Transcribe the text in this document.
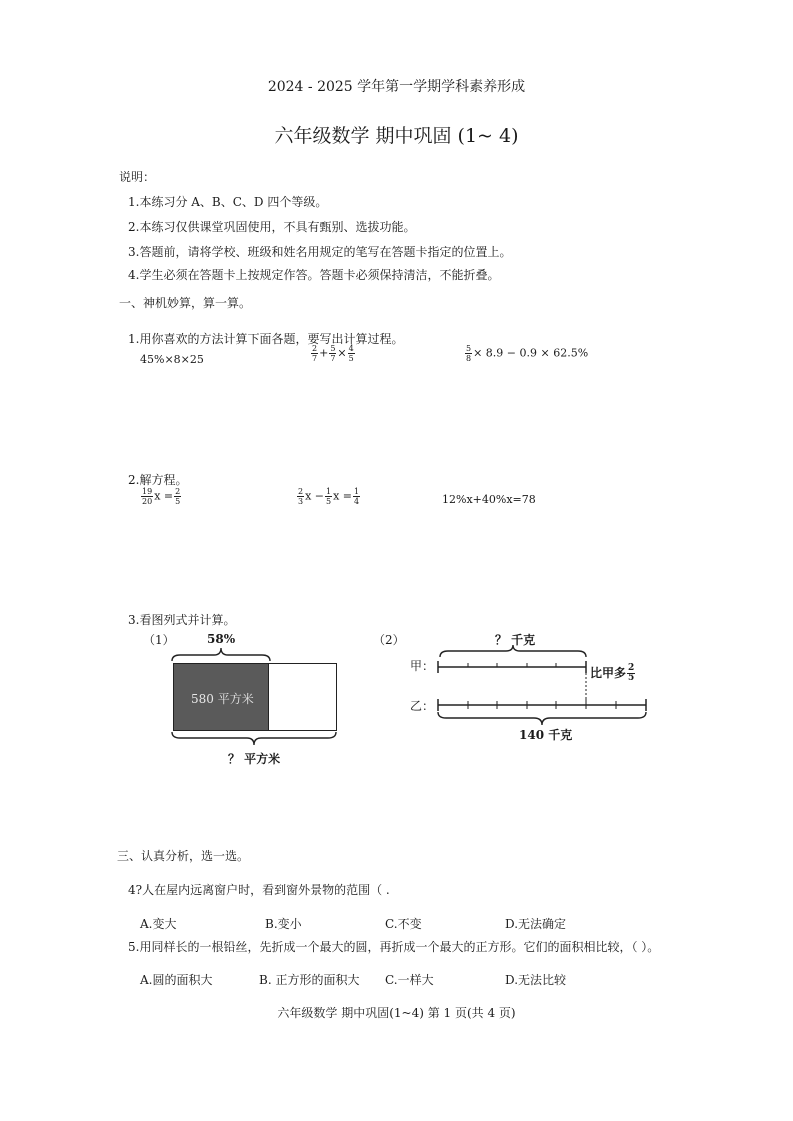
2024 - 2025 学年第一学期学科素养形成
六年级数学 期中巩固 (1~ 4)
说明：
1.本练习分 A、B、C、D 四个等级。
2.本练习仅供课堂巩固使用，不具有甄别、选拔功能。
3.答题前，请将学校、班级和姓名用规定的笔写在答题卡指定的位置上。
4.学生必须在答题卡上按规定作答。答题卡必须保持清洁，不能折叠。
一、神机妙算，算一算。
1.用你喜欢的方法计算下面各题，要写出计算过程。
45%×8×25	$\frac{2}{7} + \frac{5}{7} \times \frac{4}{5}$	$\frac{5}{8} \times 8.9 - 0.9 \times 62.5\%$
2.解方程。
$\frac{19}{20}$ $x = \frac{2}{5}$	$\frac{2}{3}$ $x - \frac{1}{5}$ $x = \frac{1}{4}$	12%x+40%x=78
3.看图列式并计算。
（1）	58%
580 平方米
？ 平方米
（2）	？ 千克
甲：	比甲多 $\frac{2}{5}$
乙：
140 千克
三、认真分析，选一选。
4?人在屋内远离窗户时，看到窗外景物的范围（ .
A.变大	B.变小	C.不变	D.无法确定
5.用同样长的一根铅丝，先折成一个最大的圆，再折成一个最大的正方形。它们的面积相比较，（ ）。
A.圆的面积大	B. 正方形的面积大 C.一样大	D.无法比较
六年级数学 期中巩固(1~4) 第 1 页(共 4 页)
